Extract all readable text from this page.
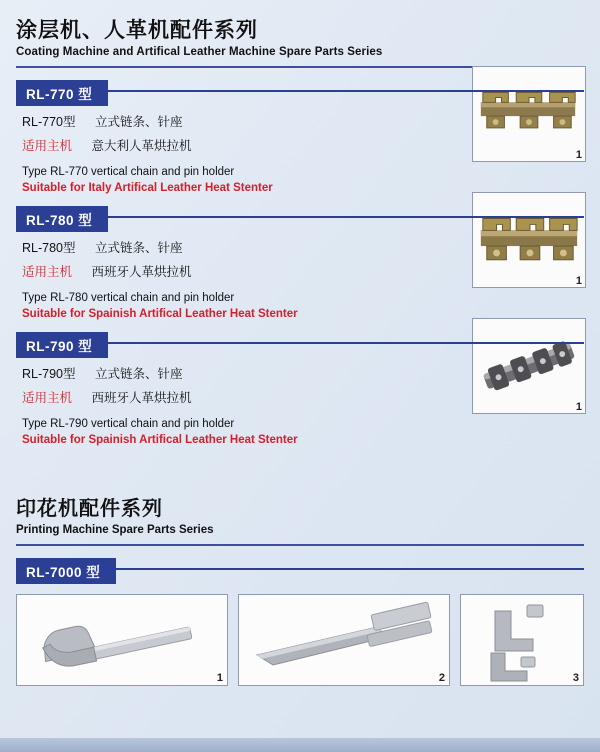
涂层机、人革机配件系列
Coating Machine and Artifical Leather Machine Spare Parts Series
RL-770 型
RL-770型 立式链条、针座
适用主机 意大利人革烘拉机
Type RL-770 vertical chain and pin holder
Suitable for Italy Artifical Leather Heat Stenter
1
RL-780 型
RL-780型 立式链条、针座
适用主机 西班牙人革烘拉机
Type RL-780 vertical chain and pin holder
Suitable for Spainish Artifical Leather Heat Stenter
1
RL-790 型
RL-790型 立式链条、针座
适用主机 西班牙人革烘拉机
Type RL-790 vertical chain and pin holder
Suitable for Spainish Artifical Leather Heat Stenter
1
印花机配件系列
Printing Machine Spare Parts Series
RL-7000 型
1	2	3
